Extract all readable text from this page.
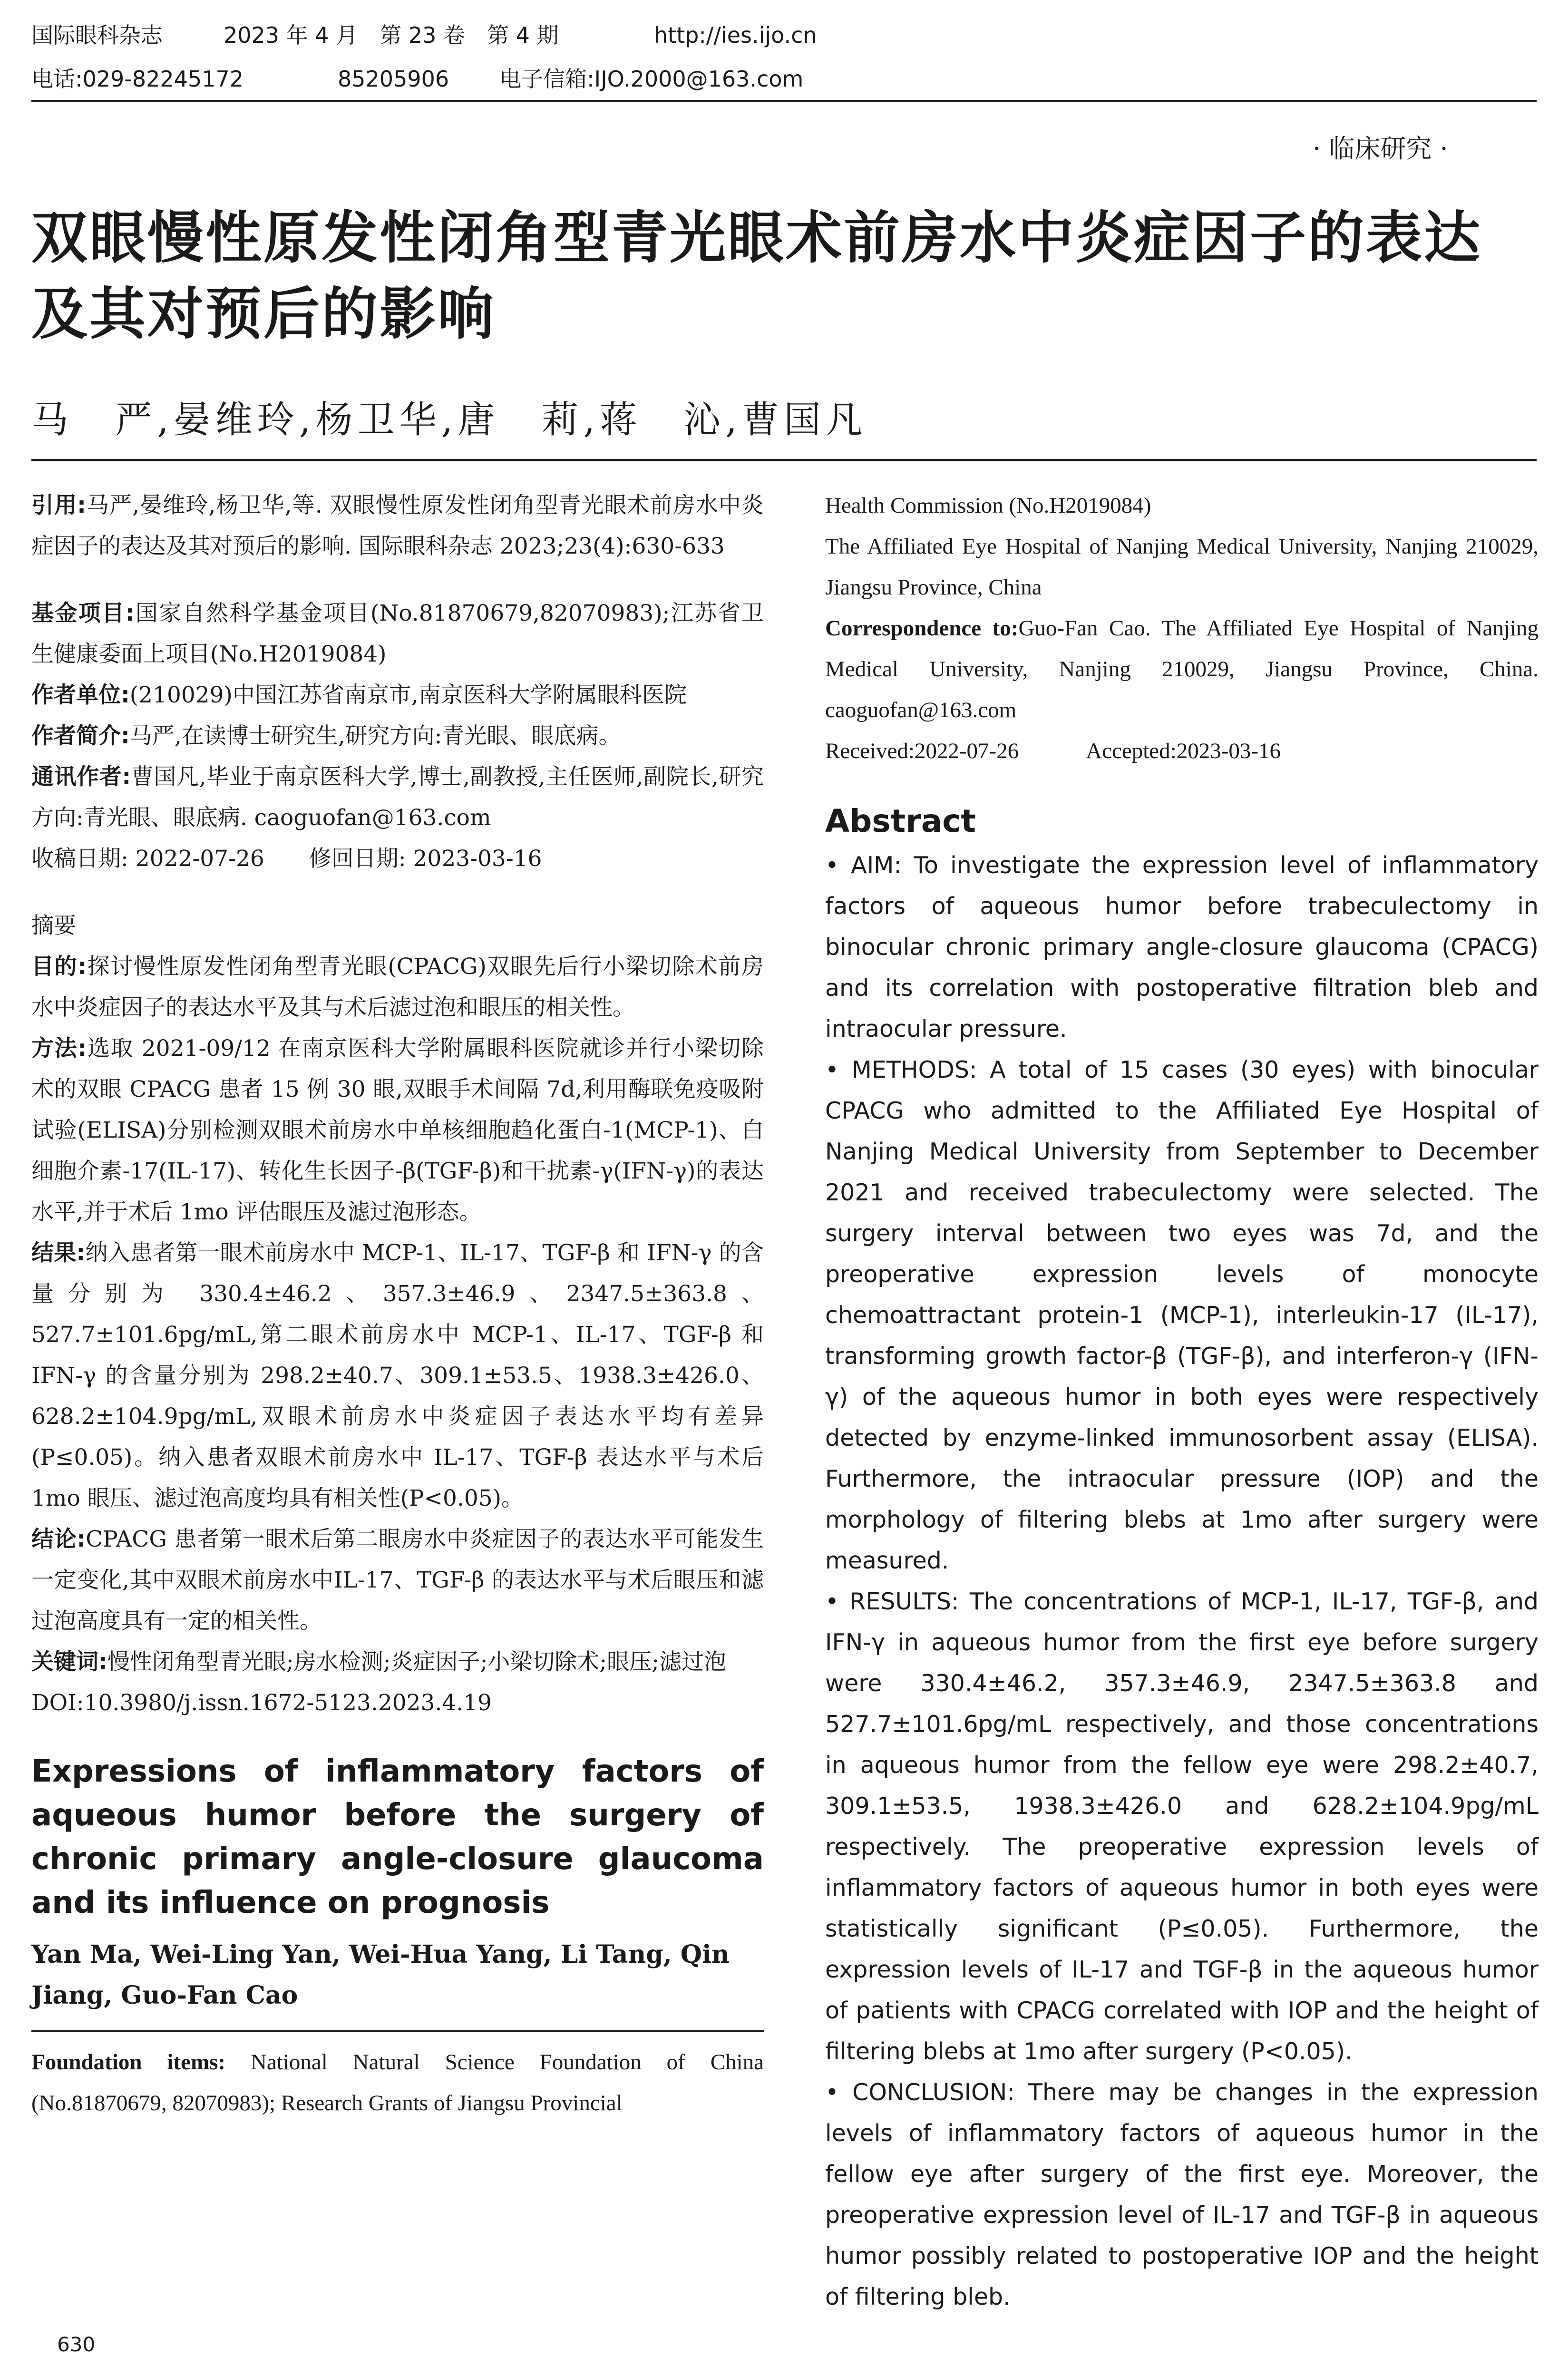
国际眼科杂志	2023 年 4 月　第 23 卷　第 4 期	http://ies.ijo.cn
电话:029-82245172	85205906 电子信箱:IJO.2000@163.com
· 临床研究 ·
双眼慢性原发性闭角型青光眼术前房水中炎症因子的表达及其对预后的影响
马　严,晏维玲,杨卫华,唐　莉,蒋　沁,曹国凡

引用:马严,晏维玲,杨卫华,等. 双眼慢性原发性闭角型青光眼术前房水中炎症因子的表达及其对预后的影响. 国际眼科杂志 2023;23(4):630-633

基金项目:国家自然科学基金项目(No.81870679,82070983);江苏省卫生健康委面上项目(No.H2019084)

作者单位:(210029)中国江苏省南京市,南京医科大学附属眼科医院

作者简介:马严,在读博士研究生,研究方向:青光眼、眼底病。

通讯作者:曹国凡,毕业于南京医科大学,博士,副教授,主任医师,副院长,研究方向:青光眼、眼底病. caoguofan@163.com

收稿日期: 2022-07-26　　修回日期: 2023-03-16

摘要

目的:探讨慢性原发性闭角型青光眼(CPACG)双眼先后行小梁切除术前房水中炎症因子的表达水平及其与术后滤过泡和眼压的相关性。

方法:选取 2021-09/12 在南京医科大学附属眼科医院就诊并行小梁切除术的双眼 CPACG 患者 15 例 30 眼,双眼手术间隔 7d,利用酶联免疫吸附试验(ELISA)分别检测双眼术前房水中单核细胞趋化蛋白-1(MCP-1)、白细胞介素-17(IL-17)、转化生长因子-β(TGF-β)和干扰素-γ(IFN-γ)的表达水平,并于术后 1mo 评估眼压及滤过泡形态。

结果:纳入患者第一眼术前房水中 MCP-1、IL-17、TGF-β 和 IFN-γ 的含量分别为 330.4±46.2、357.3±46.9、2347.5±363.8、527.7±101.6pg/mL,第二眼术前房水中 MCP-1、IL-17、TGF-β 和 IFN-γ 的含量分别为 298.2±40.7、309.1±53.5、1938.3±426.0、628.2±104.9pg/mL,双眼术前房水中炎症因子表达水平均有差异(P≤0.05)。纳入患者双眼术前房水中 IL-17、TGF-β 表达水平与术后 1mo 眼压、滤过泡高度均具有相关性(P<0.05)。

结论:CPACG 患者第一眼术后第二眼房水中炎症因子的表达水平可能发生一定变化,其中双眼术前房水中IL-17、TGF-β 的表达水平与术后眼压和滤过泡高度具有一定的相关性。

关键词:慢性闭角型青光眼;房水检测;炎症因子;小梁切除术;眼压;滤过泡

DOI:10.3980/j.issn.1672-5123.2023.4.19

Expressions of inflammatory factors of aqueous humor before the surgery of chronic primary angle-closure glaucoma and its influence on prognosis
Yan Ma, Wei-Ling Yan, Wei-Hua Yang, Li Tang, Qin Jiang, Guo-Fan Cao

Foundation items: National Natural Science Foundation of China (No.81870679, 82070983); Research Grants of Jiangsu Provincial

Health Commission (No.H2019084)

The Affiliated Eye Hospital of Nanjing Medical University, Nanjing 210029, Jiangsu Province, China

Correspondence to:Guo-Fan Cao. The Affiliated Eye Hospital of Nanjing Medical University, Nanjing 210029, Jiangsu Province, China. caoguofan@163.com

Received:2022-07-26　　　Accepted:2023-03-16

Abstract

• AIM: To investigate the expression level of inflammatory factors of aqueous humor before trabeculectomy in binocular chronic primary angle-closure glaucoma (CPACG) and its correlation with postoperative filtration bleb and intraocular pressure.

• METHODS: A total of 15 cases (30 eyes) with binocular CPACG who admitted to the Affiliated Eye Hospital of Nanjing Medical University from September to December 2021 and received trabeculectomy were selected. The surgery interval between two eyes was 7d, and the preoperative expression levels of monocyte chemoattractant protein-1 (MCP-1), interleukin-17 (IL-17), transforming growth factor-β (TGF-β), and interferon-γ (IFN-γ) of the aqueous humor in both eyes were respectively detected by enzyme-linked immunosorbent assay (ELISA). Furthermore, the intraocular pressure (IOP) and the morphology of filtering blebs at 1mo after surgery were measured.

• RESULTS: The concentrations of MCP-1, IL-17, TGF-β, and IFN-γ in aqueous humor from the first eye before surgery were 330.4±46.2, 357.3±46.9, 2347.5±363.8 and 527.7±101.6pg/mL respectively, and those concentrations in aqueous humor from the fellow eye were 298.2±40.7, 309.1±53.5, 1938.3±426.0 and 628.2±104.9pg/mL respectively. The preoperative expression levels of inflammatory factors of aqueous humor in both eyes were statistically significant (P≤0.05). Furthermore, the expression levels of IL-17 and TGF-β in the aqueous humor of patients with CPACG correlated with IOP and the height of filtering blebs at 1mo after surgery (P<0.05).

• CONCLUSION: There may be changes in the expression levels of inflammatory factors of aqueous humor in the fellow eye after surgery of the first eye. Moreover, the preoperative expression level of IL-17 and TGF-β in aqueous humor possibly related to postoperative IOP and the height of filtering bleb.

630
